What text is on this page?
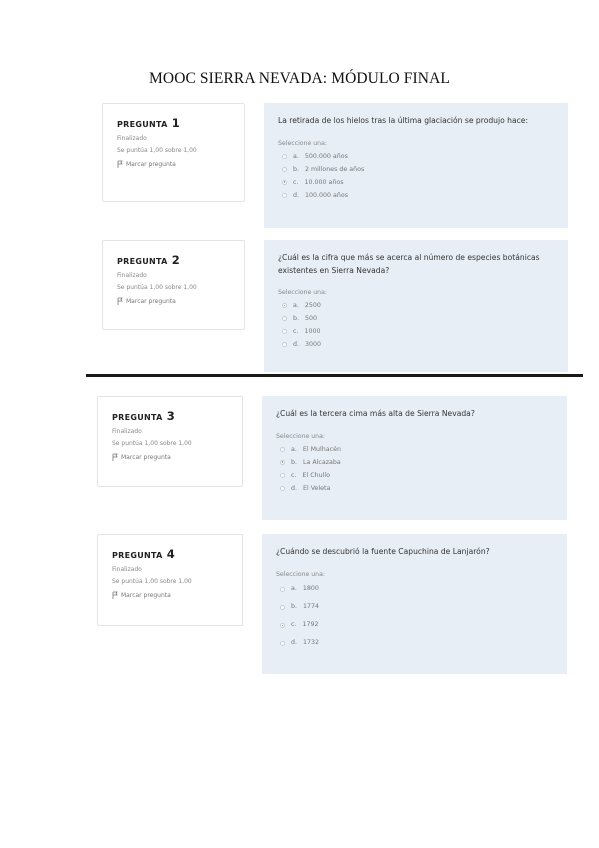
MOOC SIERRA NEVADA: MÓDULO FINAL
PREGUNTA 1
Finalizado
Se puntúa 1,00 sobre 1,00
Marcar pregunta
La retirada de los hielos tras la última glaciación se produjo hace:
Seleccione una:
a. 500.000 años
b. 2 millones de años
c. 10.000 años
d. 100.000 años
PREGUNTA 2
Finalizado
Se puntúa 1,00 sobre 1,00
Marcar pregunta
¿Cuál es la cifra que más se acerca al número de especies botánicas existentes en Sierra Nevada?
Seleccione una:
a. 2500
b. 500
c. 1000
d. 3000
PREGUNTA 3
Finalizado
Se puntúa 1,00 sobre 1,00
Marcar pregunta
¿Cuál es la tercera cima más alta de Sierra Nevada?
Seleccione una:
a. El Mulhacén
b. La Alcazaba
c. El Chullo
d. El Veleta
PREGUNTA 4
Finalizado
Se puntúa 1,00 sobre 1,00
Marcar pregunta
¿Cuándo se descubrió la fuente Capuchina de Lanjarón?
Seleccione una:
a. 1800
b. 1774
c. 1792
d. 1732
